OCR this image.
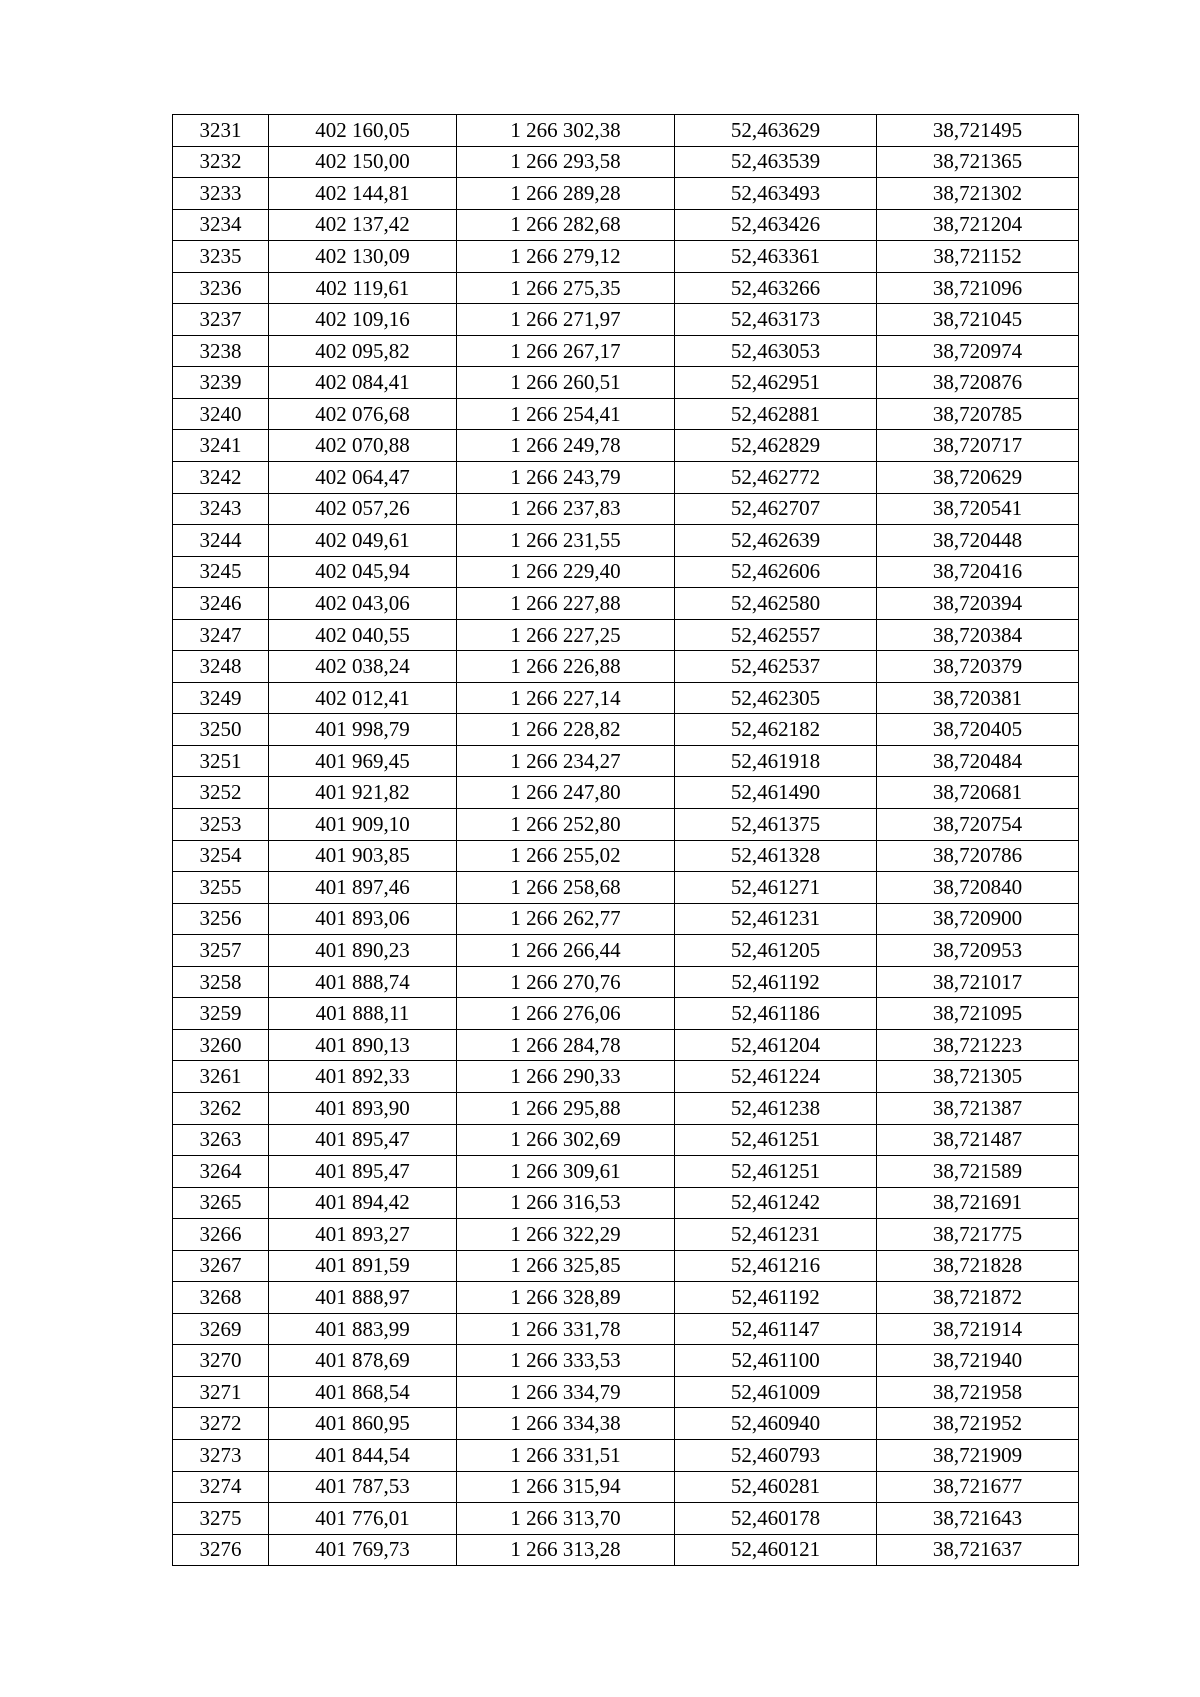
3231	402 160,05	1 266 302,38	52,463629	38,721495
3232	402 150,00	1 266 293,58	52,463539	38,721365
3233	402 144,81	1 266 289,28	52,463493	38,721302
3234	402 137,42	1 266 282,68	52,463426	38,721204
3235	402 130,09	1 266 279,12	52,463361	38,721152
3236	402 119,61	1 266 275,35	52,463266	38,721096
3237	402 109,16	1 266 271,97	52,463173	38,721045
3238	402 095,82	1 266 267,17	52,463053	38,720974
3239	402 084,41	1 266 260,51	52,462951	38,720876
3240	402 076,68	1 266 254,41	52,462881	38,720785
3241	402 070,88	1 266 249,78	52,462829	38,720717
3242	402 064,47	1 266 243,79	52,462772	38,720629
3243	402 057,26	1 266 237,83	52,462707	38,720541
3244	402 049,61	1 266 231,55	52,462639	38,720448
3245	402 045,94	1 266 229,40	52,462606	38,720416
3246	402 043,06	1 266 227,88	52,462580	38,720394
3247	402 040,55	1 266 227,25	52,462557	38,720384
3248	402 038,24	1 266 226,88	52,462537	38,720379
3249	402 012,41	1 266 227,14	52,462305	38,720381
3250	401 998,79	1 266 228,82	52,462182	38,720405
3251	401 969,45	1 266 234,27	52,461918	38,720484
3252	401 921,82	1 266 247,80	52,461490	38,720681
3253	401 909,10	1 266 252,80	52,461375	38,720754
3254	401 903,85	1 266 255,02	52,461328	38,720786
3255	401 897,46	1 266 258,68	52,461271	38,720840
3256	401 893,06	1 266 262,77	52,461231	38,720900
3257	401 890,23	1 266 266,44	52,461205	38,720953
3258	401 888,74	1 266 270,76	52,461192	38,721017
3259	401 888,11	1 266 276,06	52,461186	38,721095
3260	401 890,13	1 266 284,78	52,461204	38,721223
3261	401 892,33	1 266 290,33	52,461224	38,721305
3262	401 893,90	1 266 295,88	52,461238	38,721387
3263	401 895,47	1 266 302,69	52,461251	38,721487
3264	401 895,47	1 266 309,61	52,461251	38,721589
3265	401 894,42	1 266 316,53	52,461242	38,721691
3266	401 893,27	1 266 322,29	52,461231	38,721775
3267	401 891,59	1 266 325,85	52,461216	38,721828
3268	401 888,97	1 266 328,89	52,461192	38,721872
3269	401 883,99	1 266 331,78	52,461147	38,721914
3270	401 878,69	1 266 333,53	52,461100	38,721940
3271	401 868,54	1 266 334,79	52,461009	38,721958
3272	401 860,95	1 266 334,38	52,460940	38,721952
3273	401 844,54	1 266 331,51	52,460793	38,721909
3274	401 787,53	1 266 315,94	52,460281	38,721677
3275	401 776,01	1 266 313,70	52,460178	38,721643
3276	401 769,73	1 266 313,28	52,460121	38,721637
